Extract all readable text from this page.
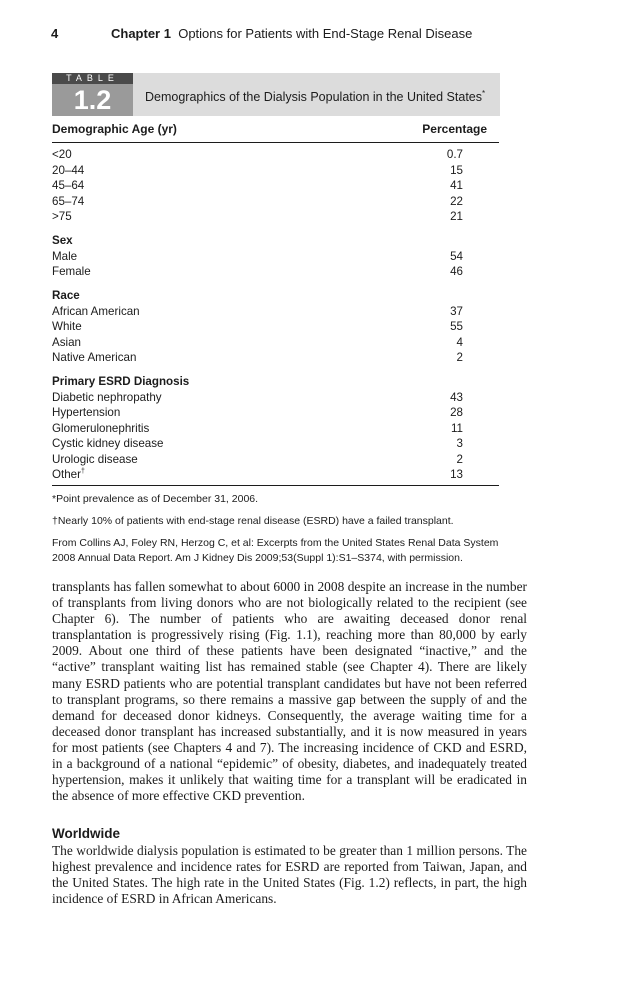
4	Chapter 1 Options for Patients with End-Stage Renal Disease
TABLE
1.2	Demographics of the Dialysis Population in the United States*
Demographic Age (yr)	Percentage
<20	0.7
20–44	15
45–64	41
65–74	22
>75	21
Sex
Male	54
Female	46
Race
African American	37
White	55
Asian	4
Native American	2
Primary ESRD Diagnosis
Diabetic nephropathy	43
Hypertension	28
Glomerulonephritis	11
Cystic kidney disease	3
Urologic disease	2
Other†	13
*Point prevalence as of December 31, 2006.
†Nearly 10% of patients with end-stage renal disease (ESRD) have a failed transplant.
From Collins AJ, Foley RN, Herzog C, et al: Excerpts from the United States Renal Data System
2008 Annual Data Report. Am J Kidney Dis 2009;53(Suppl 1):S1–S374, with permission.
transplants has fallen somewhat to about 6000 in 2008 despite an increase in the number of transplants from living donors who are not biologically related to the recipient (see Chapter 6). The number of patients who are awaiting deceased donor renal transplantation is progressively rising (Fig. 1.1), reaching more than 80,000 by early 2009. About one third of these patients have been designated “inactive,” and the “active” transplant waiting list has remained stable (see Chapter 4). There are likely many ESRD patients who are potential transplant candidates but have not been referred to transplant programs, so there remains a massive gap between the supply of and the demand for deceased donor kidneys. Consequently, the average waiting time for a deceased donor transplant has increased substantially, and it is now measured in years for most patients (see Chapters 4 and 7). The increasing incidence of CKD and ESRD, in a background of a national “epidemic” of obesity, diabetes, and inadequately treated hypertension, makes it unlikely that waiting time for a transplant will be eradicated in the absence of more effective CKD prevention.
Worldwide
The worldwide dialysis population is estimated to be greater than 1 million persons. The highest prevalence and incidence rates for ESRD are reported from Taiwan, Japan, and the United States. The high rate in the United States (Fig. 1.2) reflects, in part, the high incidence of ESRD in African Americans.
